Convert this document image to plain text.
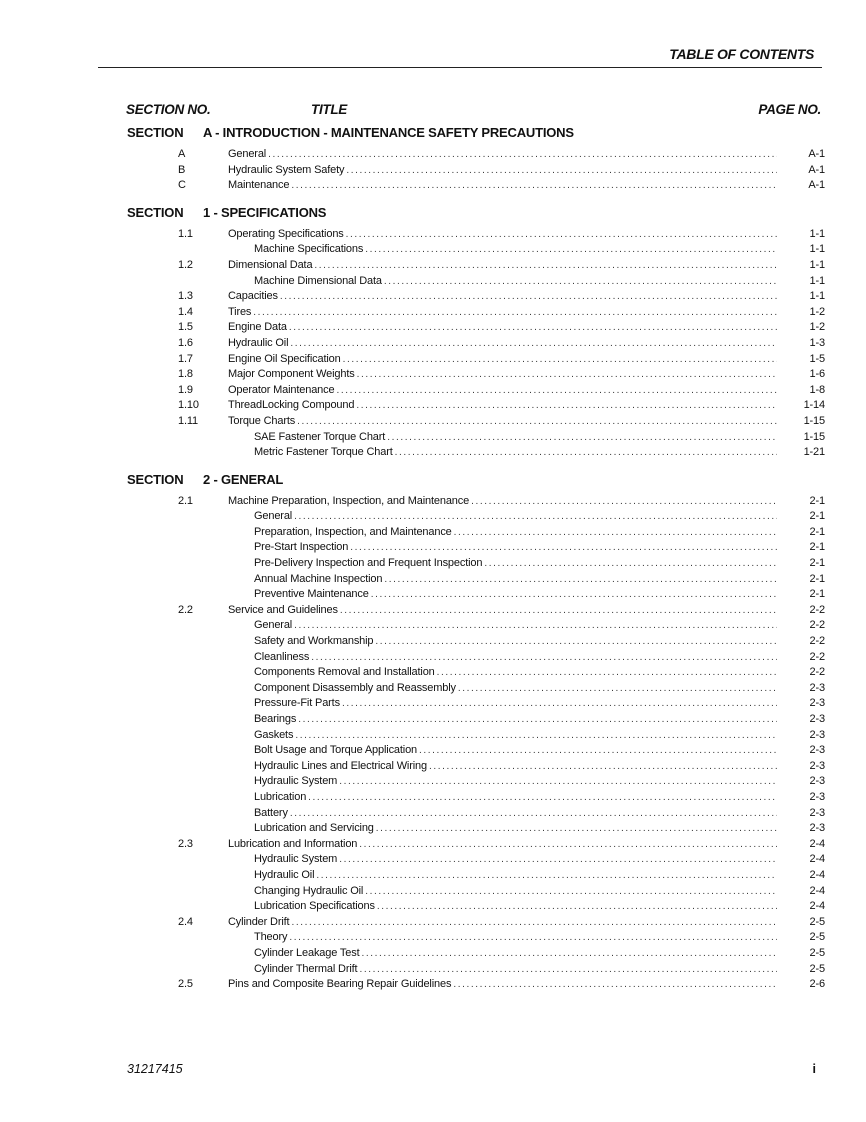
TABLE OF CONTENTS
SECTION NO.	TITLE	PAGE NO.
SECTION A - INTRODUCTION - MAINTENANCE SAFETY PRECAUTIONS
A	General .....	A-1
B	Hydraulic System Safety .....	A-1
C	Maintenance .....	A-1
SECTION 1 - SPECIFICATIONS
1.1	Operating Specifications .....	1-1
Machine Specifications .....	1-1
1.2	Dimensional Data .....	1-1
Machine Dimensional Data .....	1-1
1.3	Capacities .....	1-1
1.4	Tires .....	1-2
1.5	Engine Data .....	1-2
1.6	Hydraulic Oil .....	1-3
1.7	Engine Oil Specification .....	1-5
1.8	Major Component Weights .....	1-6
1.9	Operator Maintenance .....	1-8
1.10	ThreadLocking Compound .....	1-14
1.11	Torque Charts .....	1-15
SAE Fastener Torque Chart .....	1-15
Metric Fastener Torque Chart .....	1-21
SECTION 2 - GENERAL
2.1	Machine Preparation, Inspection, and Maintenance .....	2-1
General .....	2-1
Preparation, Inspection, and Maintenance .....	2-1
Pre-Start Inspection .....	2-1
Pre-Delivery Inspection and Frequent Inspection .....	2-1
Annual Machine Inspection .....	2-1
Preventive Maintenance .....	2-1
2.2	Service and Guidelines .....	2-2
General .....	2-2
Safety and Workmanship .....	2-2
Cleanliness .....	2-2
Components Removal and Installation .....	2-2
Component Disassembly and Reassembly .....	2-3
Pressure-Fit Parts .....	2-3
Bearings .....	2-3
Gaskets .....	2-3
Bolt Usage and Torque Application .....	2-3
Hydraulic Lines and Electrical Wiring .....	2-3
Hydraulic System .....	2-3
Lubrication .....	2-3
Battery .....	2-3
Lubrication and Servicing .....	2-3
2.3	Lubrication and Information .....	2-4
Hydraulic System .....	2-4
Hydraulic Oil .....	2-4
Changing Hydraulic Oil .....	2-4
Lubrication Specifications .....	2-4
2.4	Cylinder Drift .....	2-5
Theory .....	2-5
Cylinder Leakage Test .....	2-5
Cylinder Thermal Drift .....	2-5
2.5	Pins and Composite Bearing Repair Guidelines .....	2-6
31217415	i
